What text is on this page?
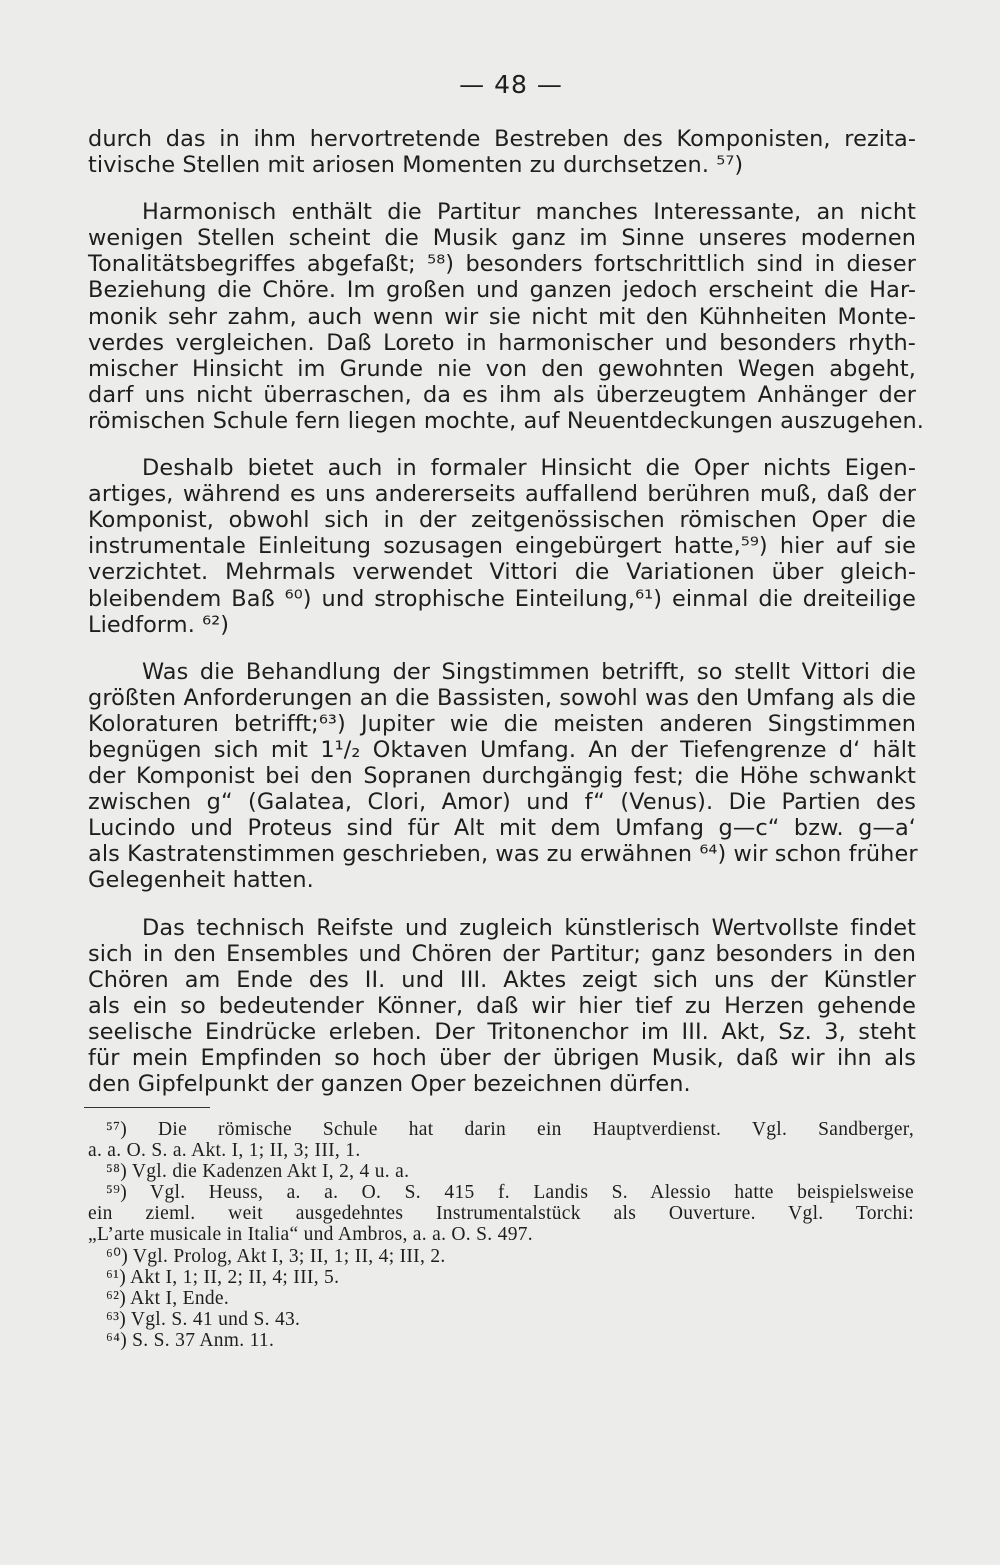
— 48 —
durch das in ihm hervortretende Bestreben des Komponisten, rezita-
tivische Stellen mit ariosen Momenten zu durchsetzen. ⁵⁷)
Harmonisch enthält die Partitur manches Interessante, an nicht
wenigen Stellen scheint die Musik ganz im Sinne unseres modernen
Tonalitätsbegriffes abgefaßt; ⁵⁸) besonders fortschrittlich sind in dieser
Beziehung die Chöre. Im großen und ganzen jedoch erscheint die Har-
monik sehr zahm, auch wenn wir sie nicht mit den Kühnheiten Monte-
verdes vergleichen. Daß Loreto in harmonischer und besonders rhyth-
mischer Hinsicht im Grunde nie von den gewohnten Wegen abgeht,
darf uns nicht überraschen, da es ihm als überzeugtem Anhänger der
römischen Schule fern liegen mochte, auf Neuentdeckungen auszugehen.
Deshalb bietet auch in formaler Hinsicht die Oper nichts Eigen-
artiges, während es uns andererseits auffallend berühren muß, daß der
Komponist, obwohl sich in der zeitgenössischen römischen Oper die
instrumentale Einleitung sozusagen eingebürgert hatte,⁵⁹) hier auf sie
verzichtet. Mehrmals verwendet Vittori die Variationen über gleich-
bleibendem Baß ⁶⁰) und strophische Einteilung,⁶¹) einmal die dreiteilige
Liedform. ⁶²)
Was die Behandlung der Singstimmen betrifft, so stellt Vittori die
größten Anforderungen an die Bassisten, sowohl was den Umfang als die
Koloraturen betrifft;⁶³) Jupiter wie die meisten anderen Singstimmen
begnügen sich mit 1¹/₂ Oktaven Umfang. An der Tiefengrenze d‘ hält
der Komponist bei den Sopranen durchgängig fest; die Höhe schwankt
zwischen g“ (Galatea, Clori, Amor) und f“ (Venus). Die Partien des
Lucindo und Proteus sind für Alt mit dem Umfang g—c“ bzw. g—a‘
als Kastratenstimmen geschrieben, was zu erwähnen ⁶⁴) wir schon früher
Gelegenheit hatten.
Das technisch Reifste und zugleich künstlerisch Wertvollste findet
sich in den Ensembles und Chören der Partitur; ganz besonders in den
Chören am Ende des II. und III. Aktes zeigt sich uns der Künstler
als ein so bedeutender Könner, daß wir hier tief zu Herzen gehende
seelische Eindrücke erleben. Der Tritonenchor im III. Akt, Sz. 3, steht
für mein Empfinden so hoch über der übrigen Musik, daß wir ihn als
den Gipfelpunkt der ganzen Oper bezeichnen dürfen.
⁵⁷) Die römische Schule hat darin ein Hauptverdienst. Vgl. Sandberger,
a. a. O. S. a. Akt. I, 1; II, 3; III, 1.
⁵⁸) Vgl. die Kadenzen Akt I, 2, 4 u. a.
⁵⁹) Vgl. Heuss, a. a. O. S. 415 f. Landis S. Alessio hatte beispielsweise
ein zieml. weit ausgedehntes Instrumentalstück als Ouverture. Vgl. Torchi:
„L’arte musicale in Italia“ und Ambros, a. a. O. S. 497.
⁶⁰) Vgl. Prolog, Akt I, 3; II, 1; II, 4; III, 2.
⁶¹) Akt I, 1; II, 2; II, 4; III, 5.
⁶²) Akt I, Ende.
⁶³) Vgl. S. 41 und S. 43.
⁶⁴) S. S. 37 Anm. 11.
